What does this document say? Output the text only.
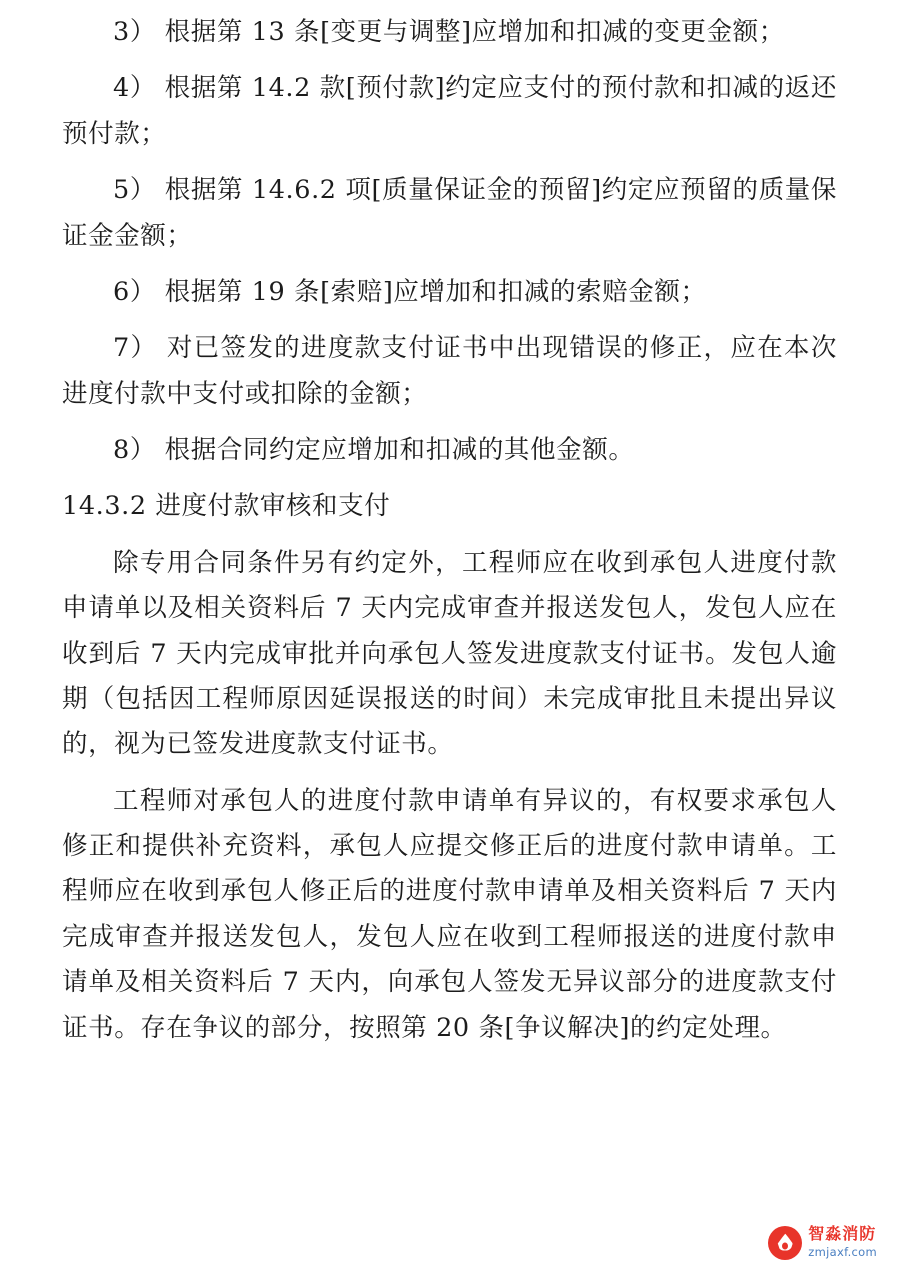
3） 根据第 13 条[变更与调整]应增加和扣减的变更金额；

4） 根据第 14.2 款[预付款]约定应支付的预付款和扣减的返还预付款；

5） 根据第 14.6.2 项[质量保证金的预留]约定应预留的质量保证金金额；

6） 根据第 19 条[索赔]应增加和扣减的索赔金额；

7） 对已签发的进度款支付证书中出现错误的修正，应在本次进度付款中支付或扣除的金额；

8） 根据合同约定应增加和扣减的其他金额。

14.3.2 进度付款审核和支付

除专用合同条件另有约定外，工程师应在收到承包人进度付款申请单以及相关资料后 7 天内完成审查并报送发包人，发包人应在收到后 7 天内完成审批并向承包人签发进度款支付证书。发包人逾期（包括因工程师原因延误报送的时间）未完成审批且未提出异议的，视为已签发进度款支付证书。

工程师对承包人的进度付款申请单有异议的，有权要求承包人修正和提供补充资料，承包人应提交修正后的进度付款申请单。工程师应在收到承包人修正后的进度付款申请单及相关资料后 7 天内完成审查并报送发包人，发包人应在收到工程师报送的进度付款申请单及相关资料后 7 天内，向承包人签发无异议部分的进度款支付证书。存在争议的部分，按照第 20 条[争议解决]的约定处理。

智淼消防
zmjaxf.com
